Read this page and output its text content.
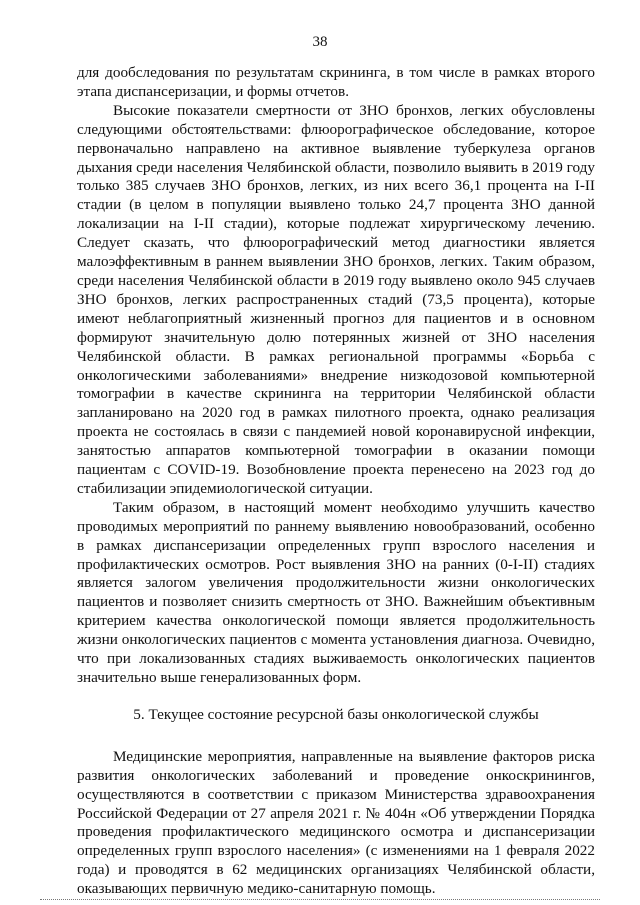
38

для дообследования по результатам скрининга, в том числе в рамках второго этапа диспансеризации, и формы отчетов.

Высокие показатели смертности от ЗНО бронхов, легких обусловлены следующими обстоятельствами: флюорографическое обследование, которое первоначально направлено на активное выявление туберкулеза органов дыхания среди населения Челябинской области, позволило выявить в 2019 году только 385 случаев ЗНО бронхов, легких, из них всего 36,1 процента на I-II стадии (в целом в популяции выявлено только 24,7 процента ЗНО данной локализации на I-II стадии), которые подлежат хирургическому лечению. Следует сказать, что флюорографический метод диагностики является малоэффективным в раннем выявлении ЗНО бронхов, легких. Таким образом, среди населения Челябинской области в 2019 году выявлено около 945 случаев ЗНО бронхов, легких распространенных стадий (73,5 процента), которые имеют неблагоприятный жизненный прогноз для пациентов и в основном формируют значительную долю потерянных жизней от ЗНО населения Челябинской области. В рамках региональной программы «Борьба с онкологическими заболеваниями» внедрение низкодозовой компьютерной томографии в качестве скрининга на территории Челябинской области запланировано на 2020 год в рамках пилотного проекта, однако реализация проекта не состоялась в связи с пандемией новой коронавирусной инфекции, занятостью аппаратов компьютерной томографии в оказании помощи пациентам с COVID-19. Возобновление проекта перенесено на 2023 год до стабилизации эпидемиологической ситуации.

Таким образом, в настоящий момент необходимо улучшить качество проводимых мероприятий по раннему выявлению новообразований, особенно в рамках диспансеризации определенных групп взрослого населения и профилактических осмотров. Рост выявления ЗНО на ранних (0-I-II) стадиях является залогом увеличения продолжительности жизни онкологических пациентов и позволяет снизить смертность от ЗНО. Важнейшим объективным критерием качества онкологической помощи является продолжительность жизни онкологических пациентов с момента установления диагноза. Очевидно, что при локализованных стадиях выживаемость онкологических пациентов значительно выше генерализованных форм.

5. Текущее состояние ресурсной базы онкологической службы

Медицинские мероприятия, направленные на выявление факторов риска развития онкологических заболеваний и проведение онкоскринингов, осуществляются в соответствии с приказом Министерства здравоохранения Российской Федерации от 27 апреля 2021 г. № 404н «Об утверждении Порядка проведения профилактического медицинского осмотра и диспансеризации определенных групп взрослого населения» (с изменениями на 1 февраля 2022 года) и проводятся в 62 медицинских организациях Челябинской области, оказывающих первичную медико-санитарную помощь.
